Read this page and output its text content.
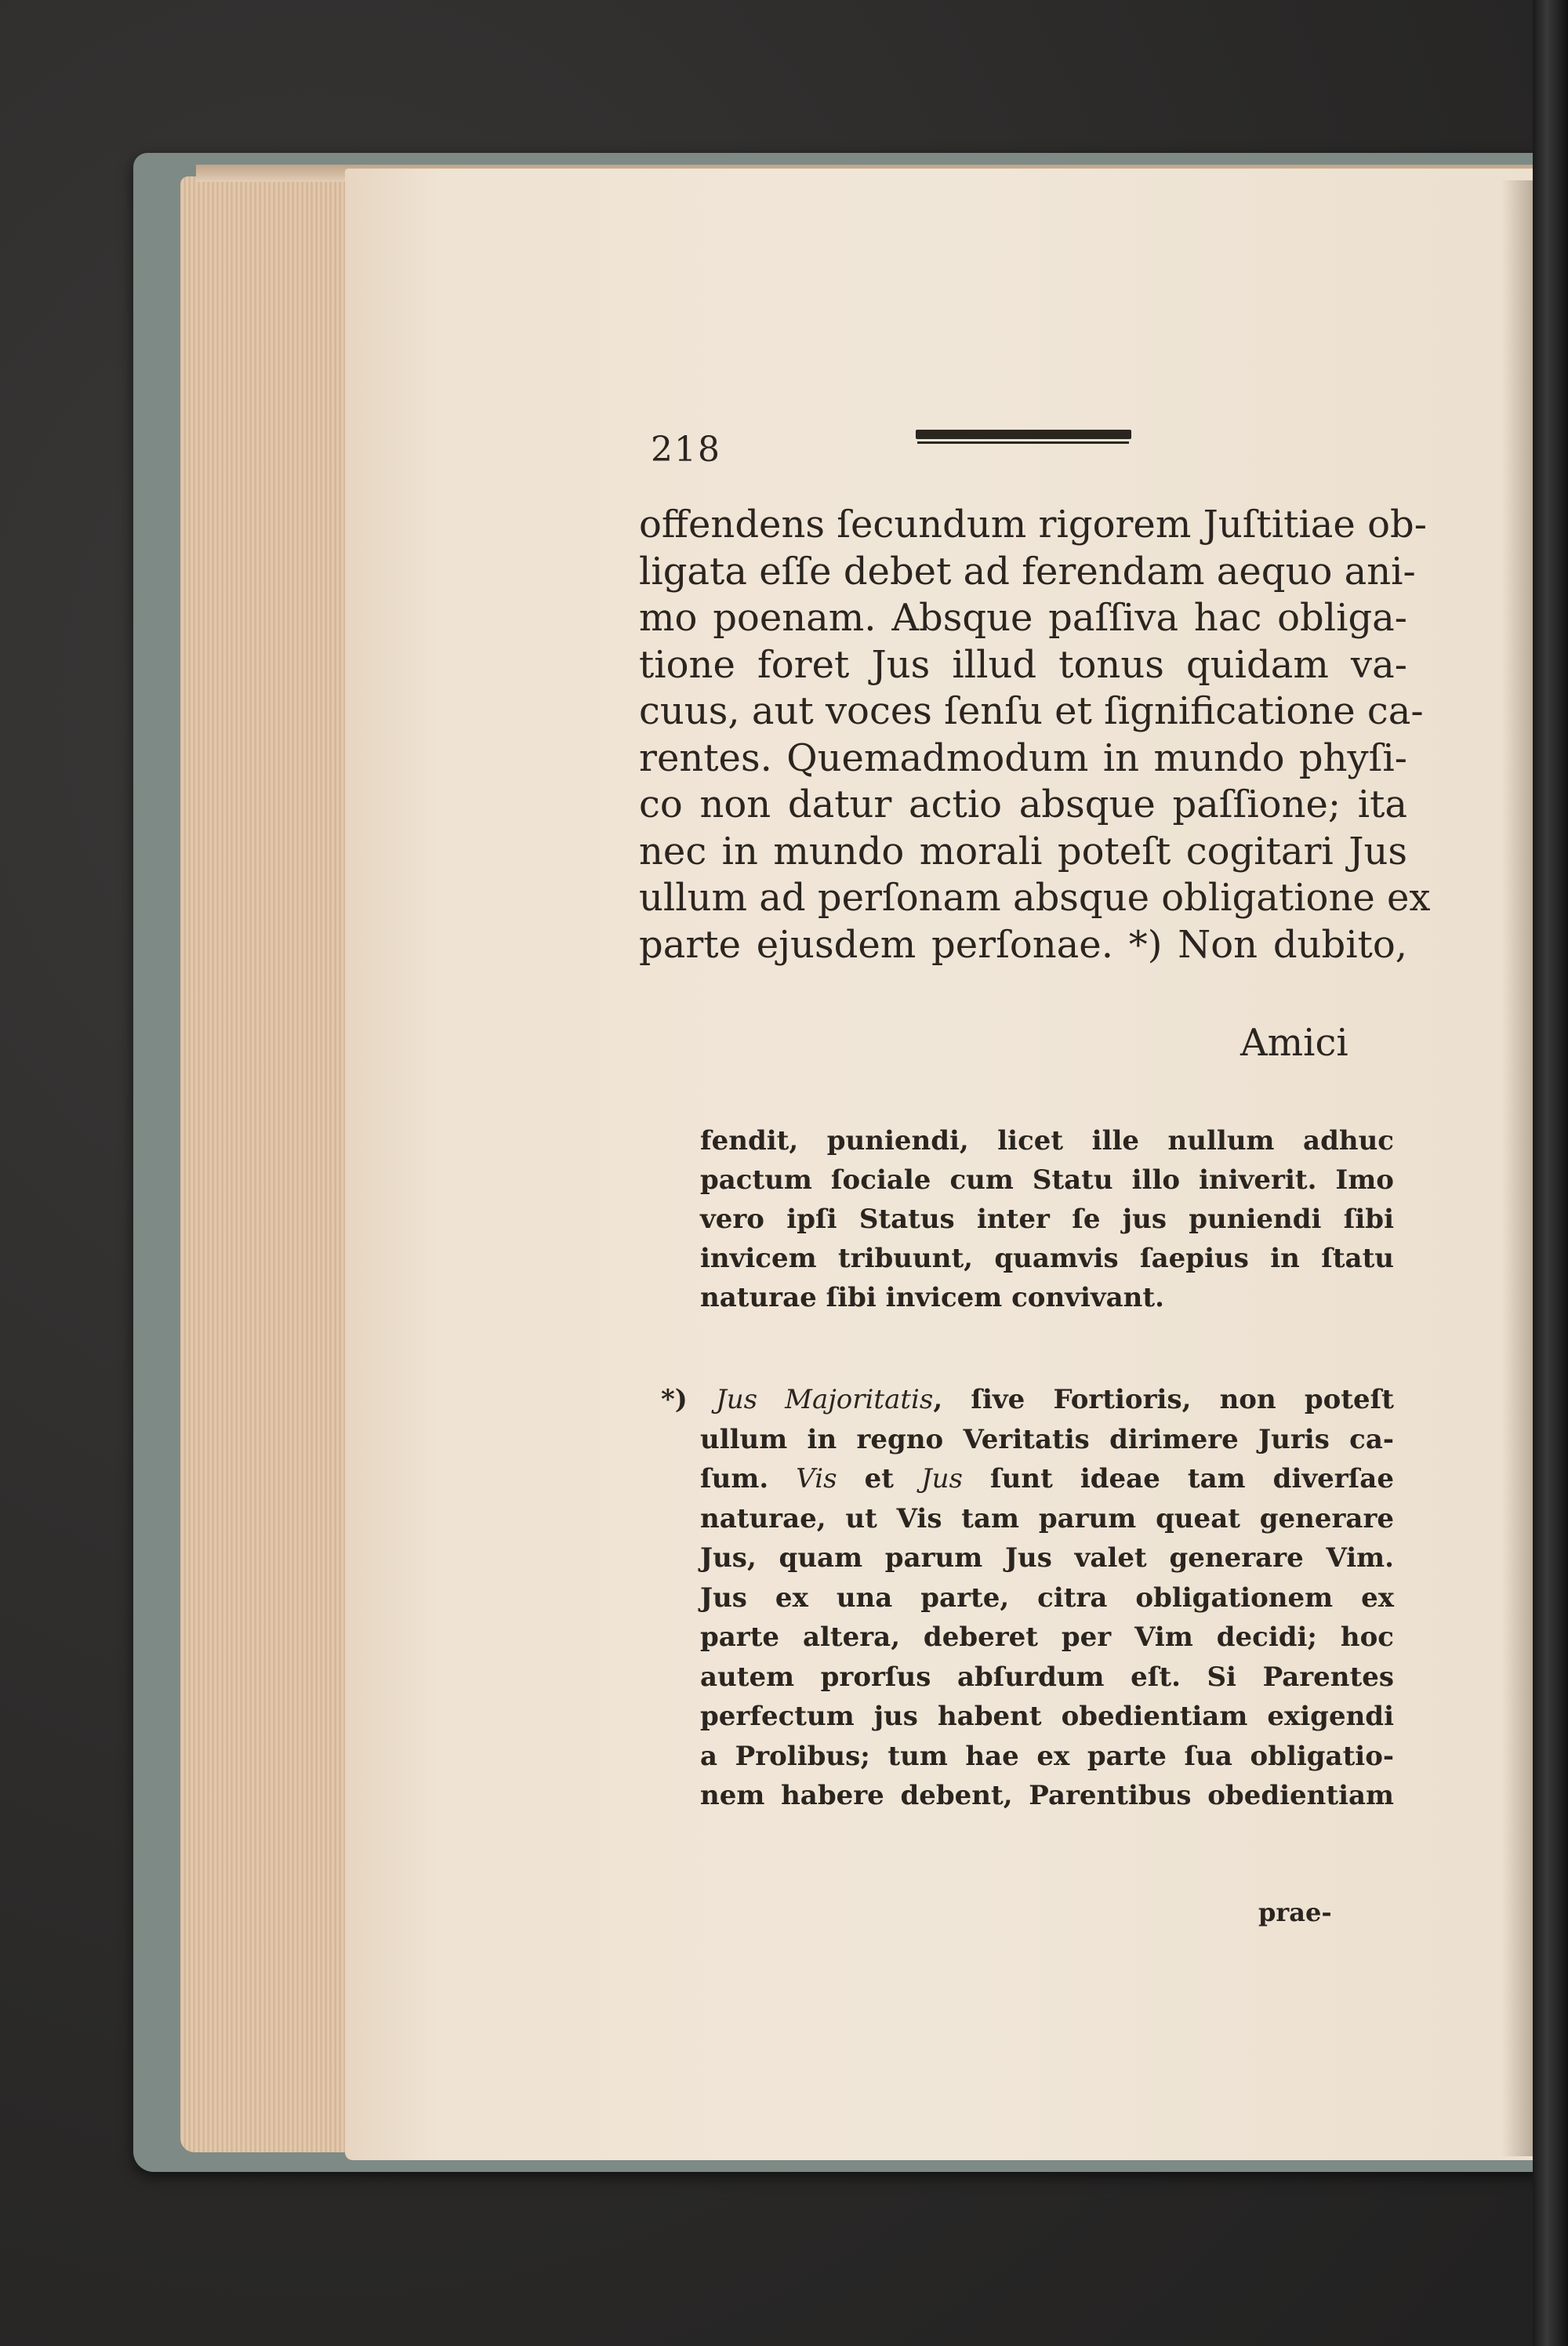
218
offendens ſecundum rigorem Juſtitiae ob-
ligata eſſe debet ad ferendam aequo ani-
mo poenam. Absque paſſiva hac obliga-
tione foret Jus illud tonus quidam va-
cuus, aut voces ſenſu et ſignificatione ca-
rentes. Quemadmodum in mundo phyſi-
co non datur actio absque paſſione; ita
nec in mundo morali poteſt cogitari Jus
ullum ad perſonam absque obligatione ex
parte ejusdem perſonae. *) Non dubito,
Amici
fendit, puniendi, licet ille nullum adhuc
pactum ſociale cum Statu illo iniverit. Imo
vero ipſi Status inter ſe jus puniendi ſibi
invicem tribuunt, quamvis ſaepius in ſtatu
naturae ſibi invicem convivant.
*) Jus Majoritatis, ſive Fortioris, non poteſt
ullum in regno Veritatis dirimere Juris ca-
ſum. Vis et Jus ſunt ideae tam diverſae
naturae, ut Vis tam parum queat generare
Jus, quam parum Jus valet generare Vim.
Jus ex una parte, citra obligationem ex
parte altera, deberet per Vim decidi; hoc
autem prorſus abſurdum eſt. Si Parentes
perfectum jus habent obedientiam exigendi
a Prolibus; tum hae ex parte ſua obligatio-
nem habere debent, Parentibus obedientiam
prae-
